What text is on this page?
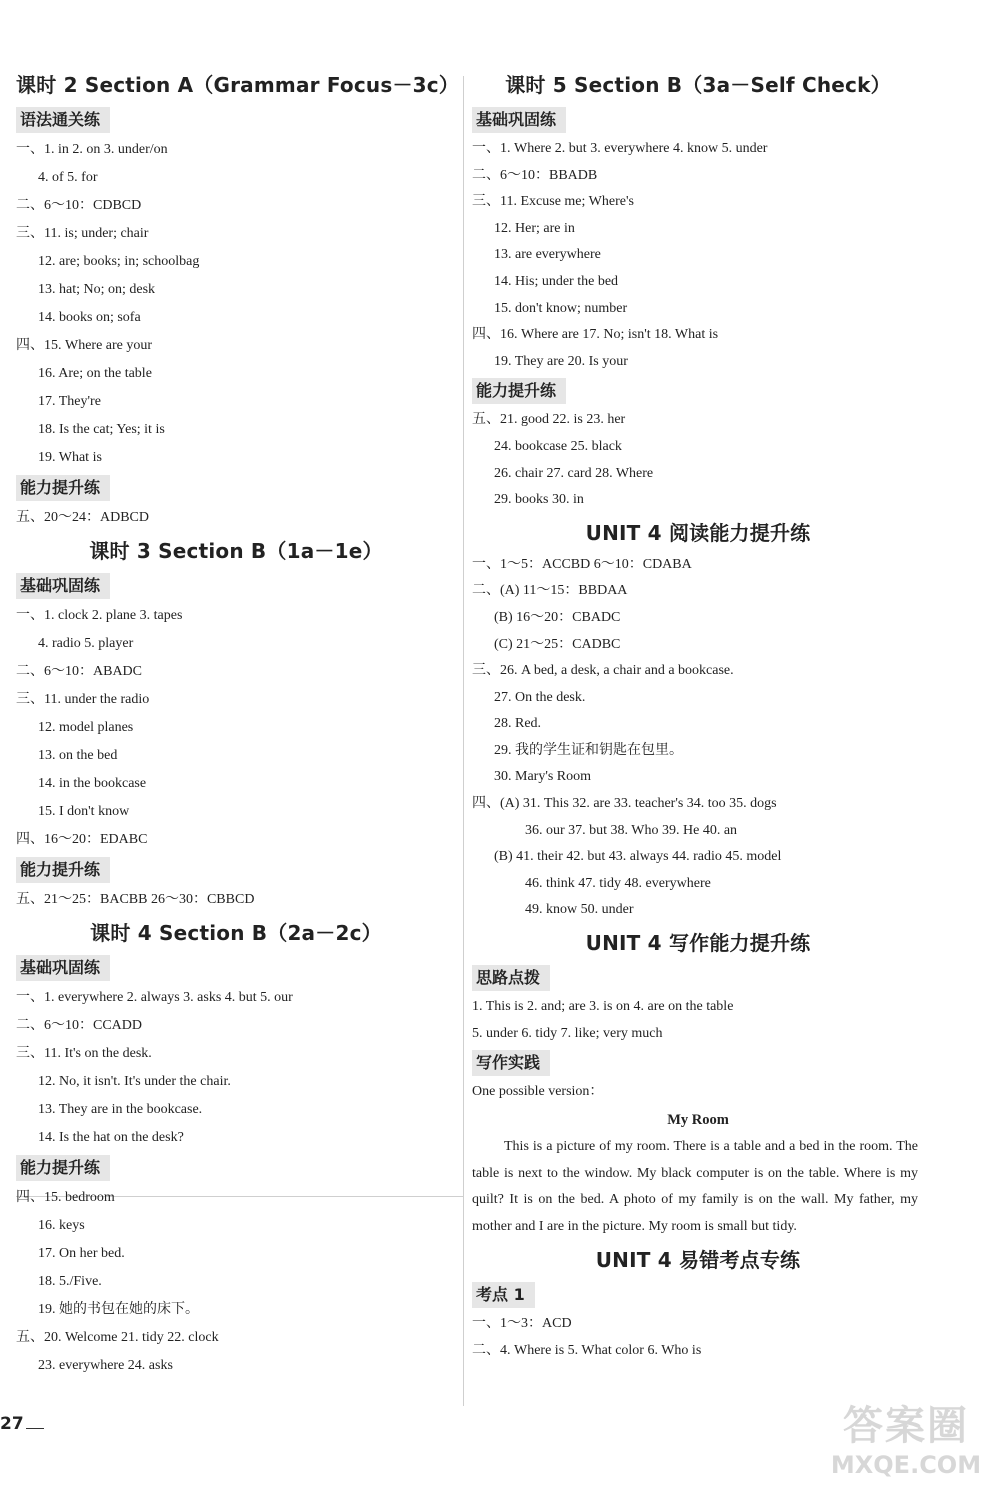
课时 2 Section A（Grammar Focus－3c）
语法通关练
一、1. in 2. on 3. under/on
4. of 5. for
二、6～10：CDBCD
三、11. is; under; chair
12. are; books; in; schoolbag
13. hat; No; on; desk
14. books on; sofa
四、15. Where are your
16. Are; on the table
17. They're
18. Is the cat; Yes; it is
19. What is
能力提升练
五、20～24：ADBCD
课时 3 Section B（1a－1e）
基础巩固练
一、1. clock 2. plane 3. tapes
4. radio 5. player
二、6～10：ABADC
三、11. under the radio
12. model planes
13. on the bed
14. in the bookcase
15. I don't know
四、16～20：EDABC
能力提升练
五、21～25：BACBB 26～30：CBBCD
课时 4 Section B（2a－2c）
基础巩固练
一、1. everywhere 2. always 3. asks 4. but 5. our
二、6～10：CCADD
三、11. It's on the desk.
12. No, it isn't. It's under the chair.
13. They are in the bookcase.
14. Is the hat on the desk?
能力提升练
四、15. bedroom
16. keys
17. On her bed.
18. 5./Five.
19. 她的书包在她的床下。
五、20. Welcome 21. tidy 22. clock
23. everywhere 24. asks
课时 5 Section B（3a－Self Check）
基础巩固练
一、1. Where 2. but 3. everywhere 4. know 5. under
二、6～10：BBADB
三、11. Excuse me; Where's
12. Her; are in
13. are everywhere
14. His; under the bed
15. don't know; number
四、16. Where are 17. No; isn't 18. What is
19. They are 20. Is your
能力提升练
五、21. good 22. is 23. her
24. bookcase 25. black
26. chair 27. card 28. Where
29. books 30. in
UNIT 4 阅读能力提升练
一、1～5：ACCBD 6～10：CDABA
二、(A) 11～15：BBDAA
(B) 16～20：CBADC
(C) 21～25：CADBC
三、26. A bed, a desk, a chair and a bookcase.
27. On the desk.
28. Red.
29. 我的学生证和钥匙在包里。
30. Mary's Room
四、(A) 31. This 32. are 33. teacher's 34. too 35. dogs
36. our 37. but 38. Who 39. He 40. an
(B) 41. their 42. but 43. always 44. radio 45. model
46. think 47. tidy 48. everywhere
49. know 50. under
UNIT 4 写作能力提升练
思路点拨
1. This is 2. and; are 3. is on 4. are on the table
5. under 6. tidy 7. like; very much
写作实践
One possible version：
My Room

This is a picture of my room. There is a table and a bed in the room. The table is next to the window. My black computer is on the table. Where is my quilt? It is on the bed. A photo of my family is on the wall. My father, my mother and I are in the picture. My room is small but tidy.

UNIT 4 易错考点专练
考点 1
一、1～3：ACD
二、4. Where is 5. What color 6. Who is
27	答案圈
MXQE.COM
